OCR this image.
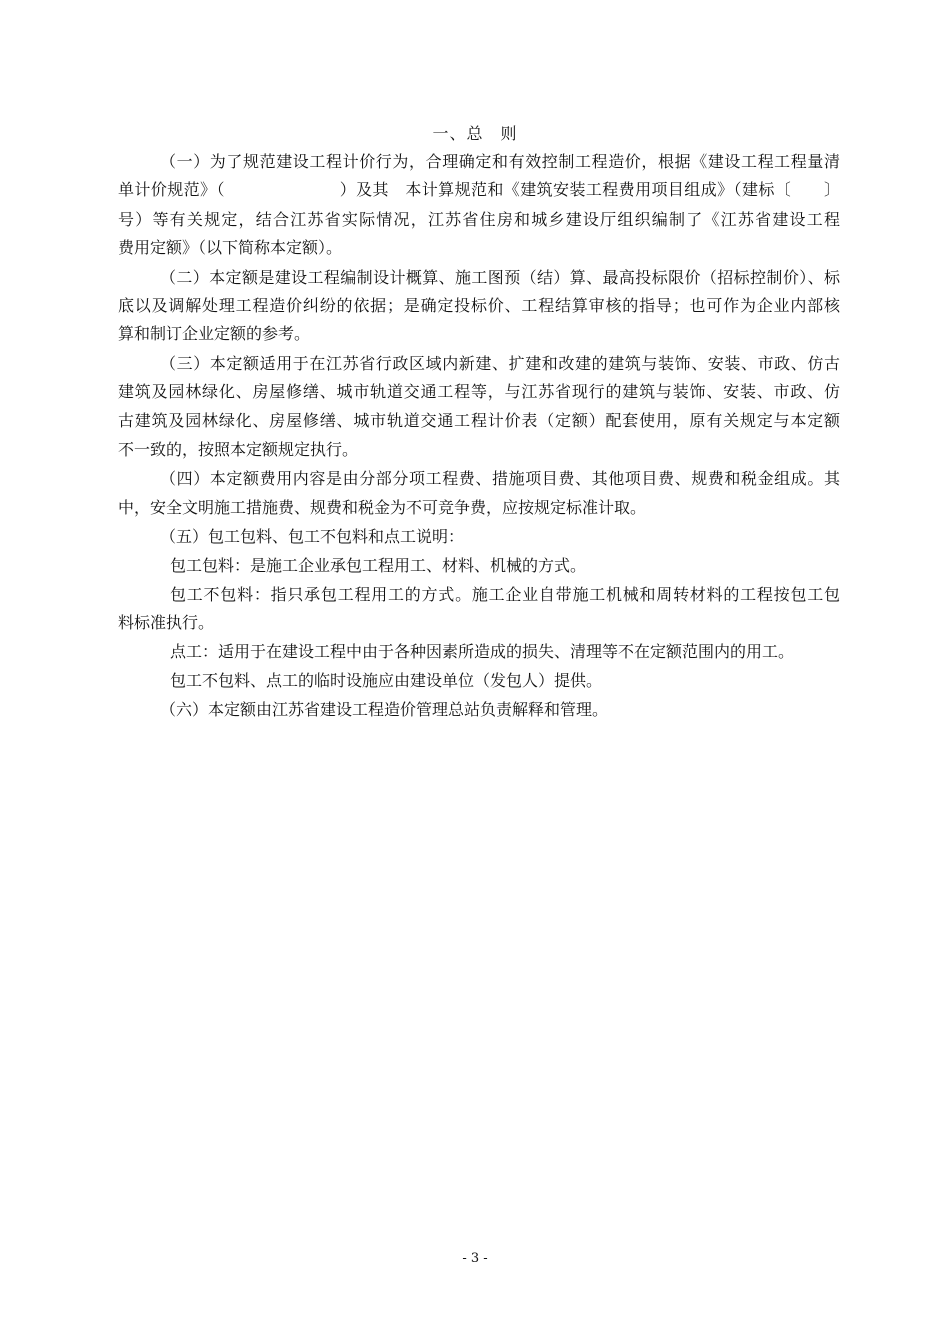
一、总　则
（一）为了规范建设工程计价行为，合理确定和有效控制工程造价，根据《建设工程工程量清
单计价规范》（　　　　　　　）及其　本计算规范和《建筑安装工程费用项目组成》（建标〔　　〕
号）等有关规定，结合江苏省实际情况，江苏省住房和城乡建设厅组织编制了《江苏省建设工程
费用定额》（以下简称本定额）。
（二）本定额是建设工程编制设计概算、施工图预（结）算、最高投标限价（招标控制价）、标
底以及调解处理工程造价纠纷的依据；是确定投标价、工程结算审核的指导；也可作为企业内部核
算和制订企业定额的参考。
（三）本定额适用于在江苏省行政区域内新建、扩建和改建的建筑与装饰、安装、市政、仿古
建筑及园林绿化、房屋修缮、城市轨道交通工程等，与江苏省现行的建筑与装饰、安装、市政、仿
古建筑及园林绿化、房屋修缮、城市轨道交通工程计价表（定额）配套使用，原有关规定与本定额
不一致的，按照本定额规定执行。
（四）本定额费用内容是由分部分项工程费、措施项目费、其他项目费、规费和税金组成。其
中，安全文明施工措施费、规费和税金为不可竞争费，应按规定标准计取。
（五）包工包料、包工不包料和点工说明：
包工包料：是施工企业承包工程用工、材料、机械的方式。
包工不包料：指只承包工程用工的方式。施工企业自带施工机械和周转材料的工程按包工包
料标准执行。
点工：适用于在建设工程中由于各种因素所造成的损失、清理等不在定额范围内的用工。
包工不包料、点工的临时设施应由建设单位（发包人）提供。
（六）本定额由江苏省建设工程造价管理总站负责解释和管理。
- 3 -
